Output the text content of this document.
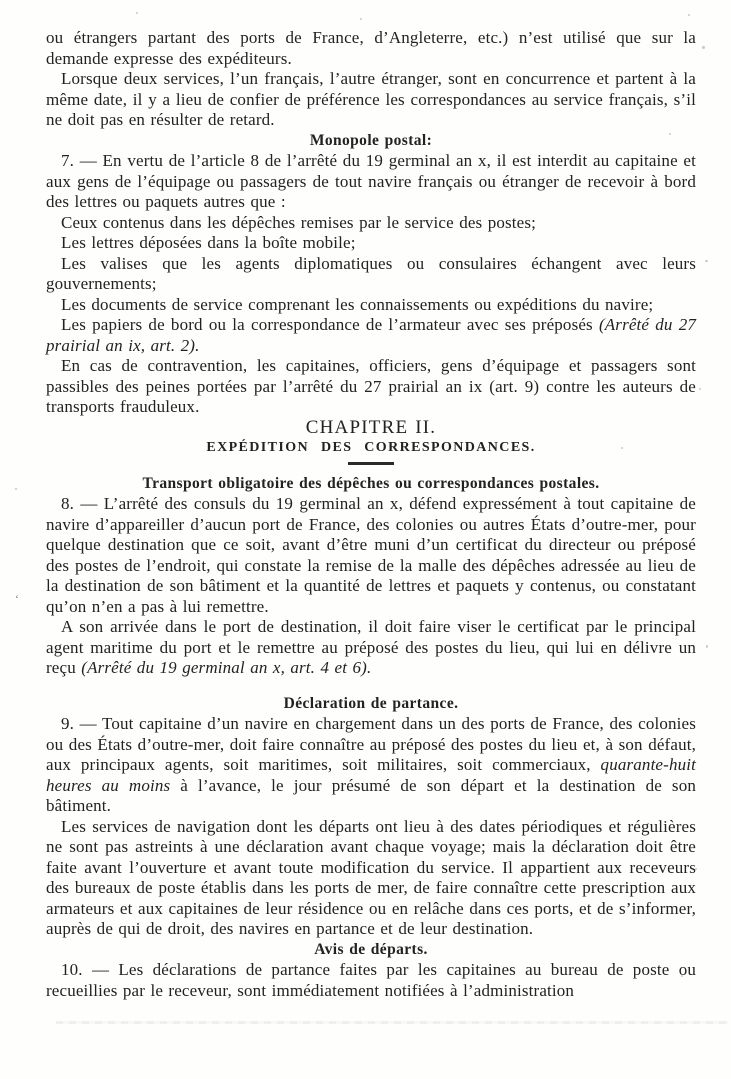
ou étrangers partant des ports de France, d’Angleterre, etc.) n’est utilisé que sur la demande expresse des expéditeurs.

Lorsque deux services, l’un français, l’autre étranger, sont en concurrence et partent à la même date, il y a lieu de confier de préférence les correspondances au service français, s’il ne doit pas en résulter de retard.

Monopole postal:

7. — En vertu de l’article 8 de l’arrêté du 19 germinal an x, il est interdit au capitaine et aux gens de l’équipage ou passagers de tout navire français ou étranger de recevoir à bord des lettres ou paquets autres que :

Ceux contenus dans les dépêches remises par le service des postes;

Les lettres déposées dans la boîte mobile;

Les valises que les agents diplomatiques ou consulaires échangent avec leurs gouvernements;

Les documents de service comprenant les connaissements ou expéditions du navire;

Les papiers de bord ou la correspondance de l’armateur avec ses préposés (Arrêté du 27 prairial an ix, art. 2).

En cas de contravention, les capitaines, officiers, gens d’équipage et passagers sont passibles des peines portées par l’arrêté du 27 prairial an ix (art. 9) contre les auteurs de transports frauduleux.

CHAPITRE II.

EXPÉDITION DES CORRESPONDANCES.

Transport obligatoire des dépêches ou correspondances postales.

8. — L’arrêté des consuls du 19 germinal an x, défend expressément à tout capitaine de navire d’appareiller d’aucun port de France, des colonies ou autres États d’outre-mer, pour quelque destination que ce soit, avant d’être muni d’un certificat du directeur ou préposé des postes de l’endroit, qui constate la remise de la malle des dépêches adressée au lieu de la destination de son bâtiment et la quantité de lettres et paquets y contenus, ou constatant qu’on n’en a pas à lui remettre.

A son arrivée dans le port de destination, il doit faire viser le certificat par le principal agent maritime du port et le remettre au préposé des postes du lieu, qui lui en délivre un reçu (Arrêté du 19 germinal an x, art. 4 et 6).

Déclaration de partance.

9. — Tout capitaine d’un navire en chargement dans un des ports de France, des colonies ou des États d’outre-mer, doit faire connaître au préposé des postes du lieu et, à son défaut, aux principaux agents, soit maritimes, soit militaires, soit commerciaux, quarante-huit heures au moins à l’avance, le jour présumé de son départ et la destination de son bâtiment.

Les services de navigation dont les départs ont lieu à des dates périodiques et régulières ne sont pas astreints à une déclaration avant chaque voyage; mais la déclaration doit être faite avant l’ouverture et avant toute modification du service. Il appartient aux receveurs des bureaux de poste établis dans les ports de mer, de faire connaître cette prescription aux armateurs et aux capitaines de leur résidence ou en relâche dans ces ports, et de s’informer, auprès de qui de droit, des navires en partance et de leur destination.

Avis de départs.

10. — Les déclarations de partance faites par les capitaines au bureau de poste ou recueillies par le receveur, sont immédiatement notifiées à l’administration

‘
